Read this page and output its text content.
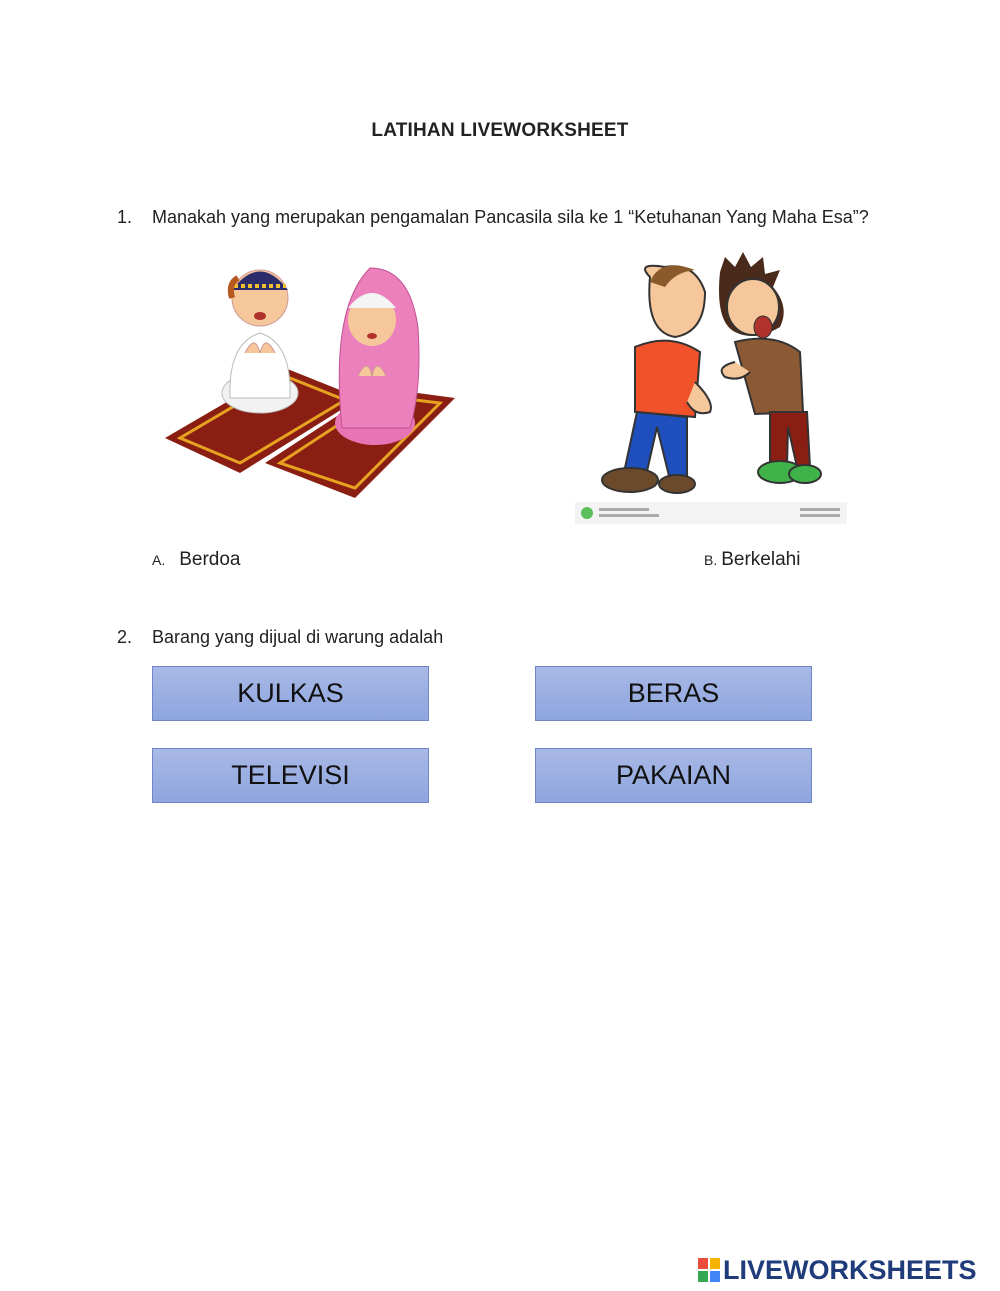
LATIHAN LIVEWORKSHEET
1. Manakah yang merupakan pengamalan Pancasila sila ke 1 “Ketuhanan Yang Maha Esa”?
A. Berdoa	B. Berkelahi
2. Barang yang dijual di warung adalah
KULKAS	BERAS
TELEVISI	PAKAIAN
LIVEWORKSHEETS
